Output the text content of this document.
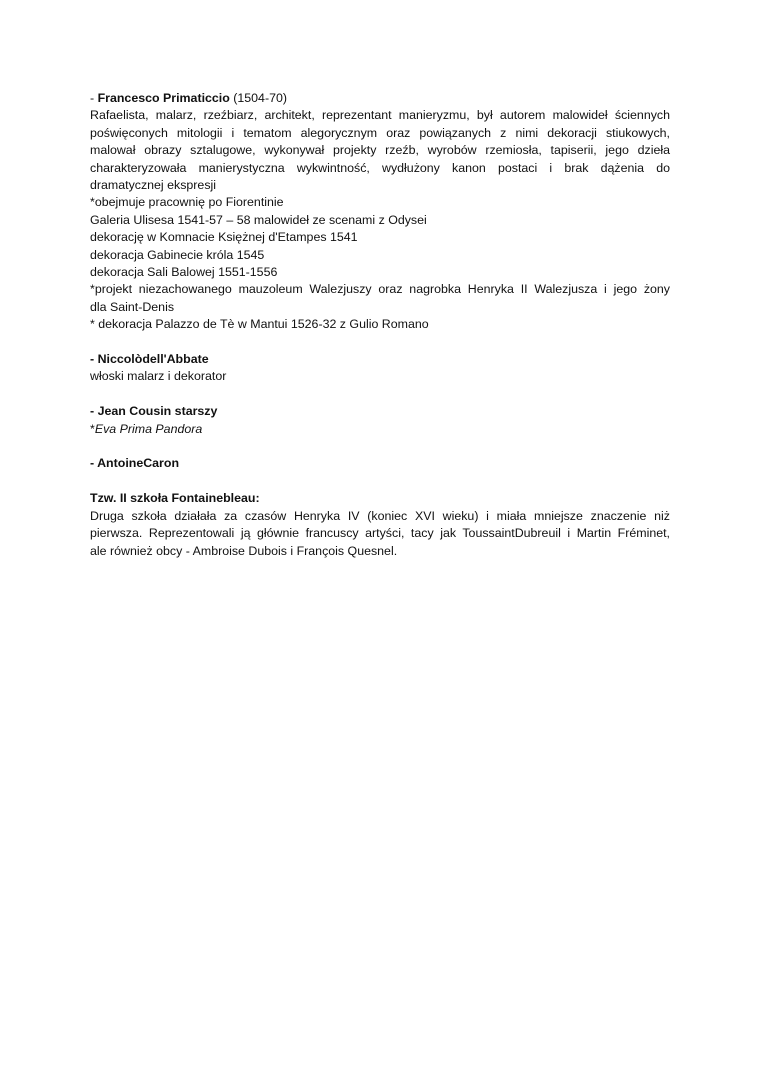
- Francesco Primaticcio (1504-70)
Rafaelista, malarz, rzeźbiarz, architekt, reprezentant manieryzmu, był autorem malowideł ściennych
poświęconych mitologii i tematom alegorycznym oraz powiązanych z nimi dekoracji stiukowych,
malował obrazy sztalugowe, wykonywał projekty rzeźb, wyrobów rzemiosła, tapiserii, jego dzieła
charakteryzowała manierystyczna wykwintność, wydłużony kanon postaci i brak dążenia do
dramatycznej ekspresji
*obejmuje pracownię po Fiorentinie
Galeria Ulisesa 1541-57 – 58 malowideł ze scenami z Odysei
dekorację w Komnacie Księżnej d'Etampes 1541
dekoracja Gabinecie króla 1545
dekoracja Sali Balowej 1551-1556
*projekt niezachowanego mauzoleum Walezjuszy oraz nagrobka Henryka II Walezjusza i jego żony
dla Saint-Denis
* dekoracja Palazzo de Tè w Mantui 1526-32 z Gulio Romano
- Niccolòdell'Abbate
włoski malarz i dekorator
- Jean Cousin starszy
*Eva Prima Pandora
- AntoineCaron
Tzw. II szkoła Fontainebleau:
Druga szkoła działała za czasów Henryka IV (koniec XVI wieku) i miała mniejsze znaczenie niż
pierwsza. Reprezentowali ją głównie francuscy artyści, tacy jak ToussaintDubreuil i Martin Fréminet,
ale również obcy - Ambroise Dubois i François Quesnel.
